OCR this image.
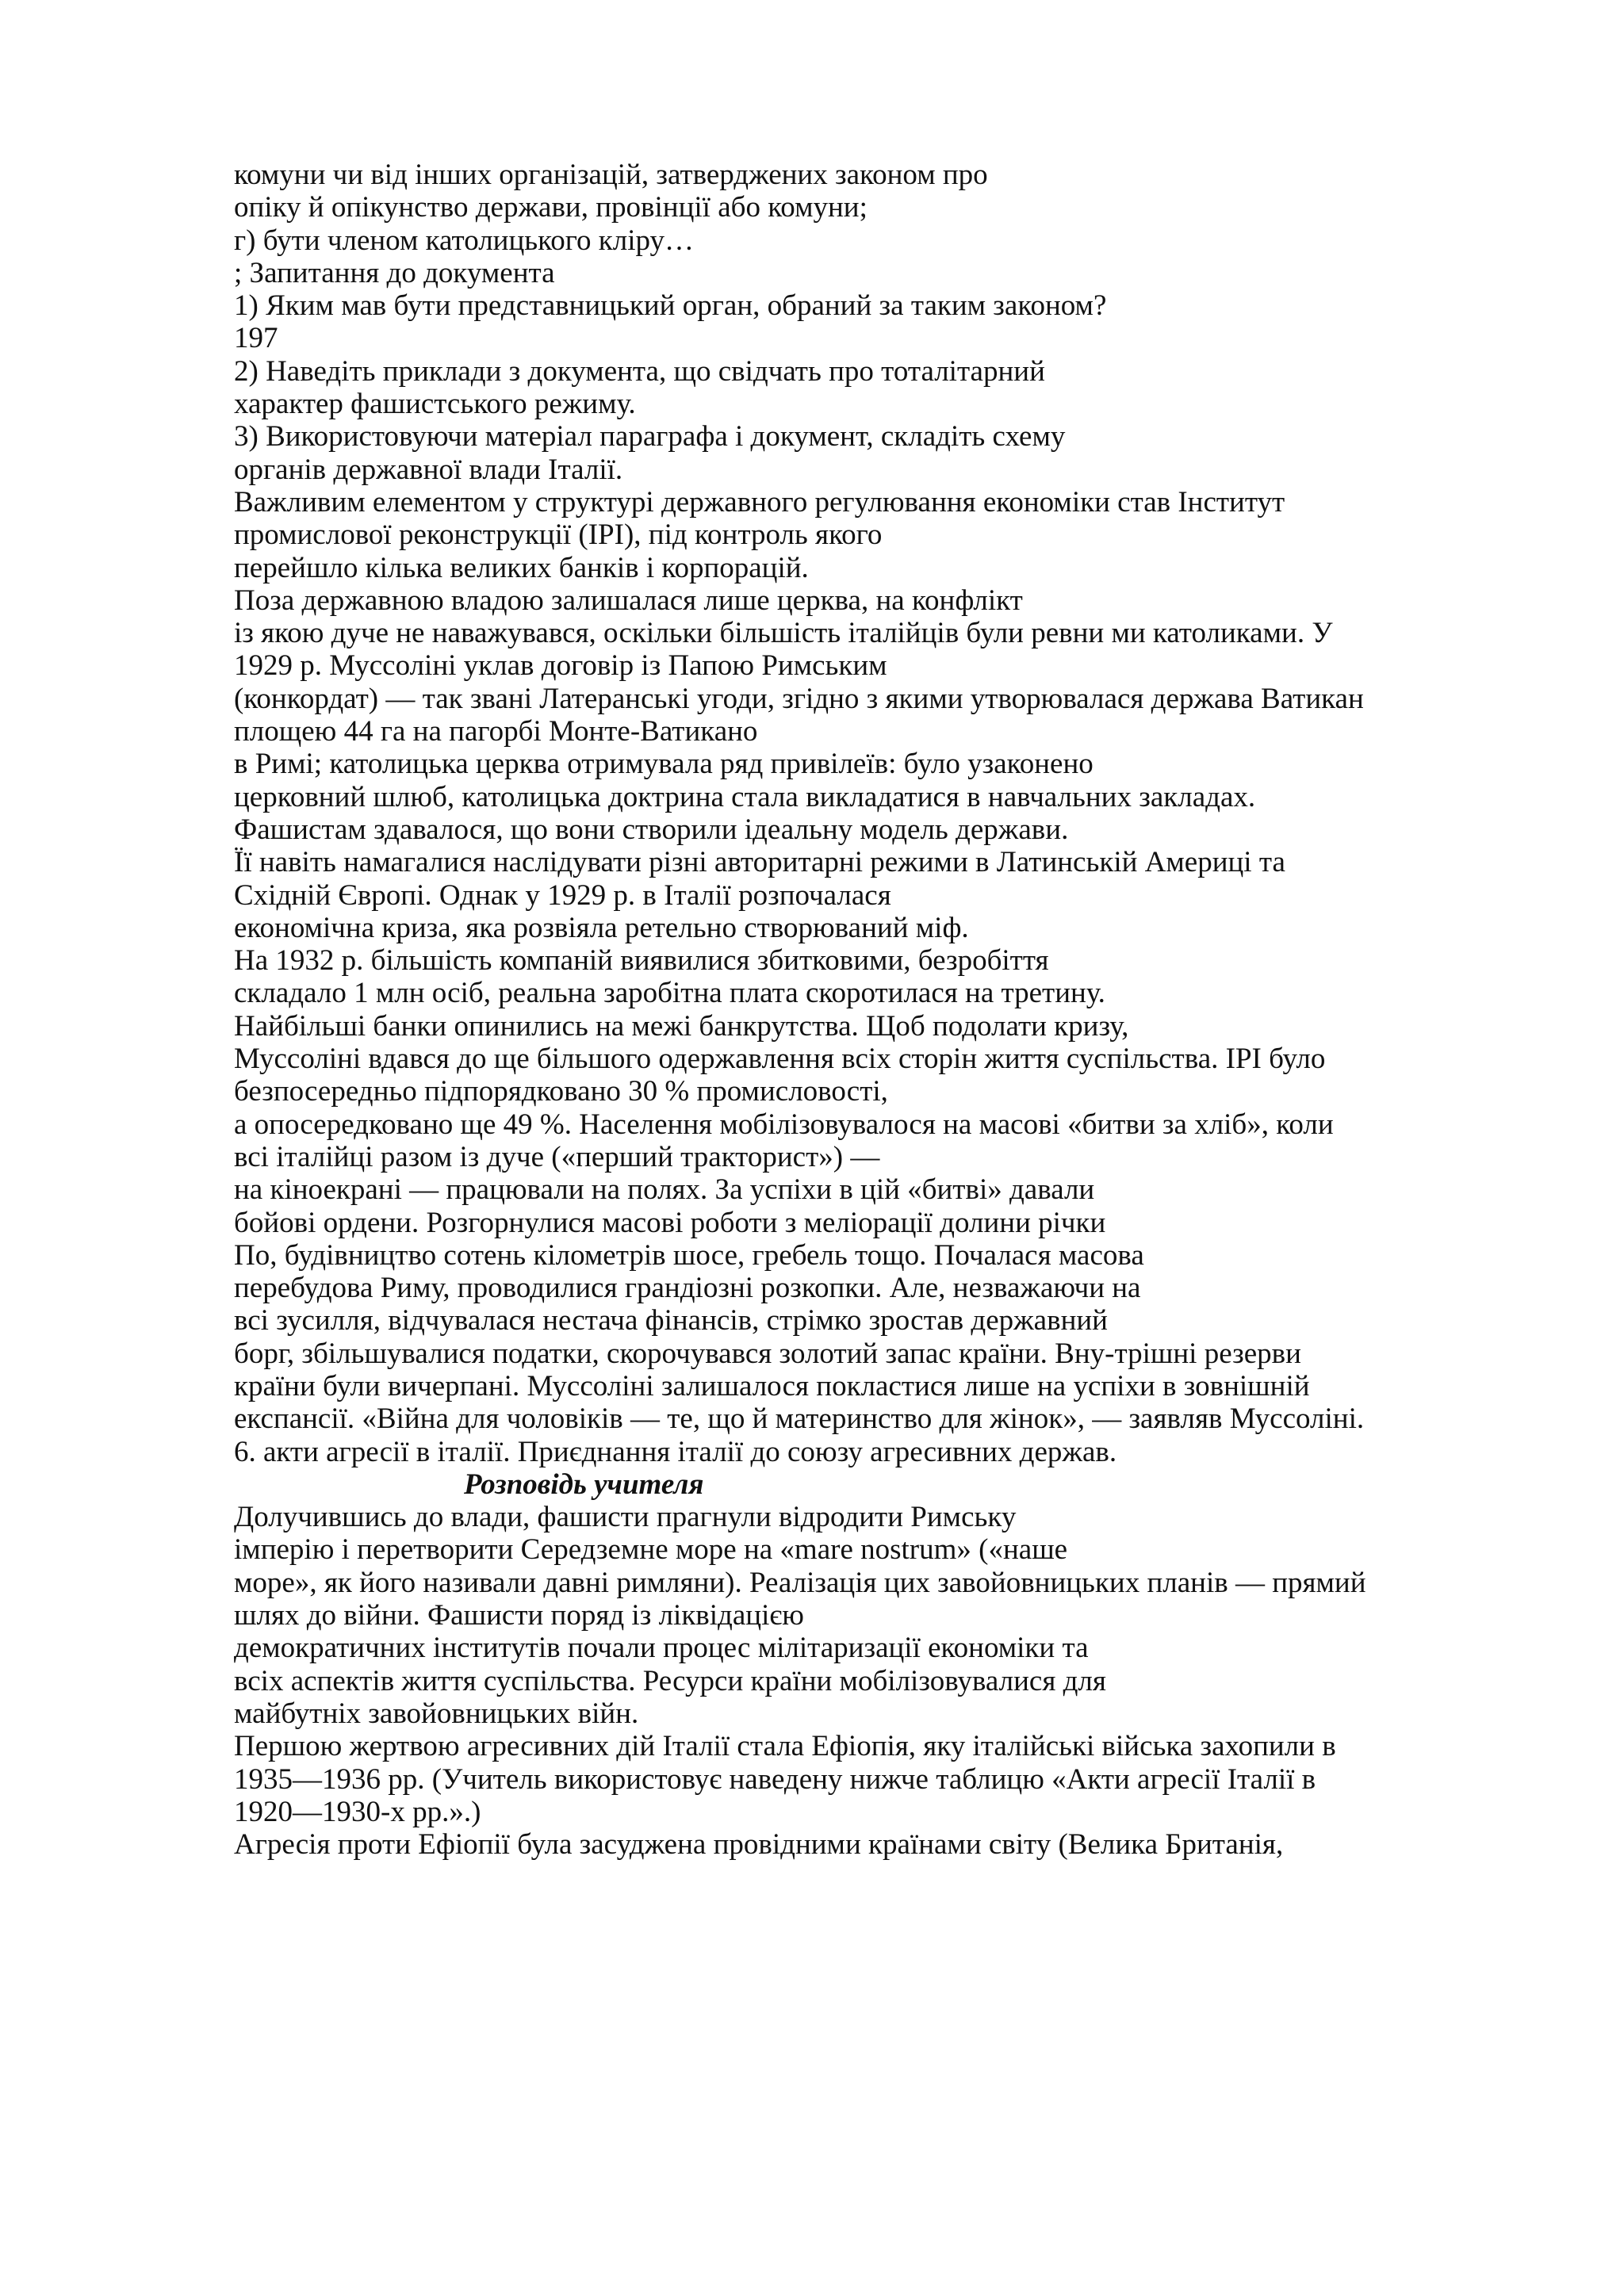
комуни чи від інших організацій, затверджених законом про
опіку й опікунство держави, провінції або комуни;
г) бути членом католицького кліру…
; Запитання до документа
1) Яким мав бути представницький орган, обраний за таким законом?
197
2) Наведіть приклади з документа, що свідчать про тоталітарний
характер фашистського режиму.
3) Використовуючи матеріал параграфа і документ, складіть схему
органів державної влади Італії.
Важливим елементом у структурі державного регулювання економіки став Інститут
промислової реконструкції (ІРІ), під контроль якого
перейшло кілька великих банків і корпорацій.
Поза державною владою залишалася лише церква, на конфлікт
із якою дуче не наважувався, оскільки більшість італійців були ревни ми католиками. У
1929 р. Муссоліні уклав договір із Папою Римським
(конкордат) — так звані Латеранські угоди, згідно з якими утворювалася держава Ватикан
площею 44 га на пагорбі Монте-Ватикано
в Римі; католицька церква отримувала ряд привілеїв: було узаконено
церковний шлюб, католицька доктрина стала викладатися в навчальних закладах.
Фашистам здавалося, що вони створили ідеальну модель держави.
Її навіть намагалися наслідувати різні авторитарні режими в Латинській Америці та
Східній Європі. Однак у 1929 р. в Італії розпочалася
економічна криза, яка розвіяла ретельно створюваний міф.
На 1932 р. більшість компаній виявилися збитковими, безробіття
складало 1 млн осіб, реальна заробітна плата скоротилася на третину.
Найбільші банки опинились на межі банкрутства. Щоб подолати кризу,
Муссоліні вдався до ще більшого одержавлення всіх сторін життя суспільства. ІРІ було
безпосередньо підпорядковано 30 % промисловості,
а опосередковано ще 49 %. Населення мобілізовувалося на масові «битви за хліб», коли
всі італійці разом із дуче («перший тракторист») —
на кіноекрані — працювали на полях. За успіхи в цій «битві» давали
бойові ордени. Розгорнулися масові роботи з меліорації долини річки
По, будівництво сотень кілометрів шосе, гребель тощо. Почалася масова
перебудова Риму, проводилися грандіозні розкопки. Але, незважаючи на
всі зусилля, відчувалася нестача фінансів, стрімко зростав державний
борг, збільшувалися податки, скорочувався золотий запас країни. Вну-трішні резерви
країни були вичерпані. Муссоліні залишалося покластися лише на успіхи в зовнішній
експансії. «Війна для чоловіків — те, що й материнство для жінок», — заявляв Муссоліні.
6. акти агресії в італії. Приєднання італії до союзу агресивних держав.
Розповідь учителя
Долучившись до влади, фашисти прагнули відродити Римську
імперію і перетворити Середземне море на «mare nostrum» («наше
море», як його називали давні римляни). Реалізація цих завойовницьких планів — прямий
шлях до війни. Фашисти поряд із ліквідацією
демократичних інститутів почали процес мілітаризації економіки та
всіх аспектів життя суспільства. Ресурси країни мобілізовувалися для
майбутніх завойовницьких війн.
Першою жертвою агресивних дій Італії стала Ефіопія, яку італійські війська захопили в
1935—1936 рр. (Учитель використовує наведену нижче таблицю «Акти агресії Італії в
1920—1930-х рр.».)
Агресія проти Ефіопії була засуджена провідними країнами світу (Велика Британія,
